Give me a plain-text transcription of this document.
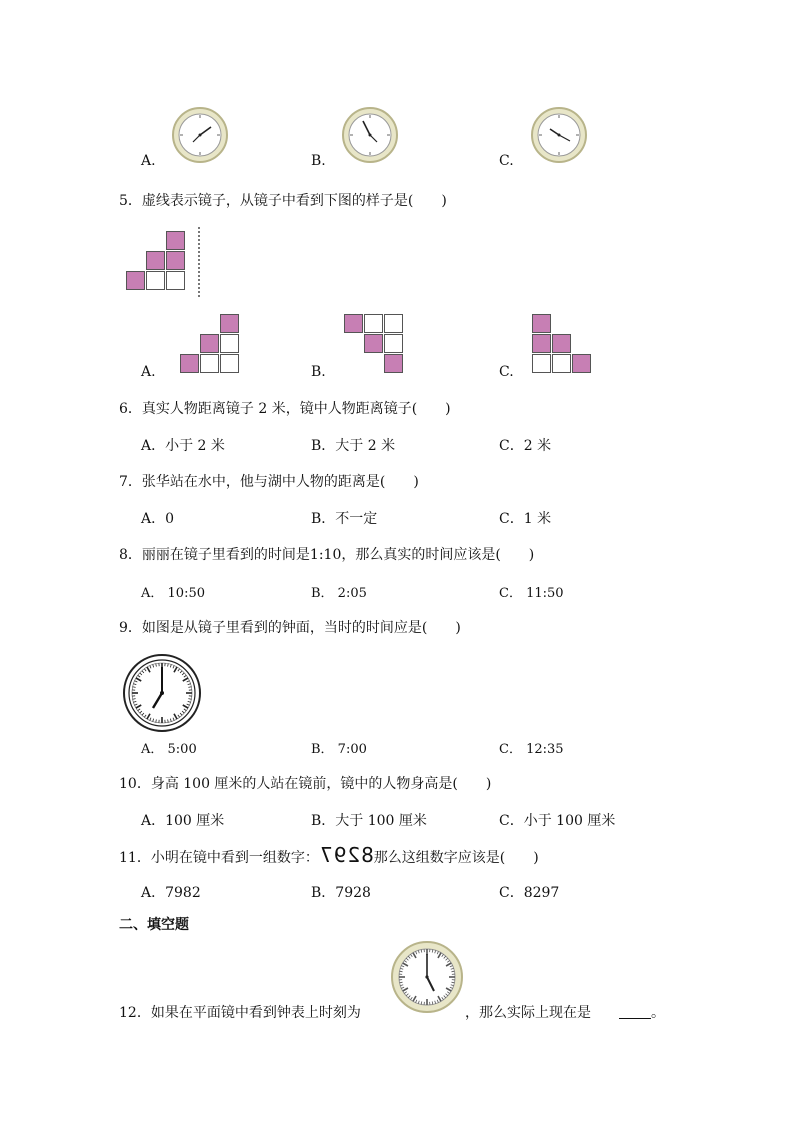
A.	B.	C.
5．虚线表示镜子，从镜子中看到下图的样子是(　　)
A.	B.	C.
6．真实人物距离镜子 2 米，镜中人物距离镜子(　　)
A．小于 2 米	B．大于 2 米	C．2 米
7．张华站在水中，他与湖中人物的距离是(　　)
A．0	B．不一定	C．1 米
8．丽丽在镜子里看到的时间是1:10，那么真实的时间应该是(　　)
A． 10:50	B． 2:05	C． 11:50
9．如图是从镜子里看到的钟面，当时的时间应是(　　)
A． 5:00	B． 7:00	C． 12:35
10．身高 100 厘米的人站在镜前，镜中的人物身高是(　　)
A．100 厘米	B．大于 100 厘米	C．小于 100 厘米
11．小明在镜中看到一组数字：8297那么这组数字应该是(　　)
A．7982	B．7928	C．8297
二、填空题
12．如果在平面镜中看到钟表上时刻为	，那么实际上现在是	。
